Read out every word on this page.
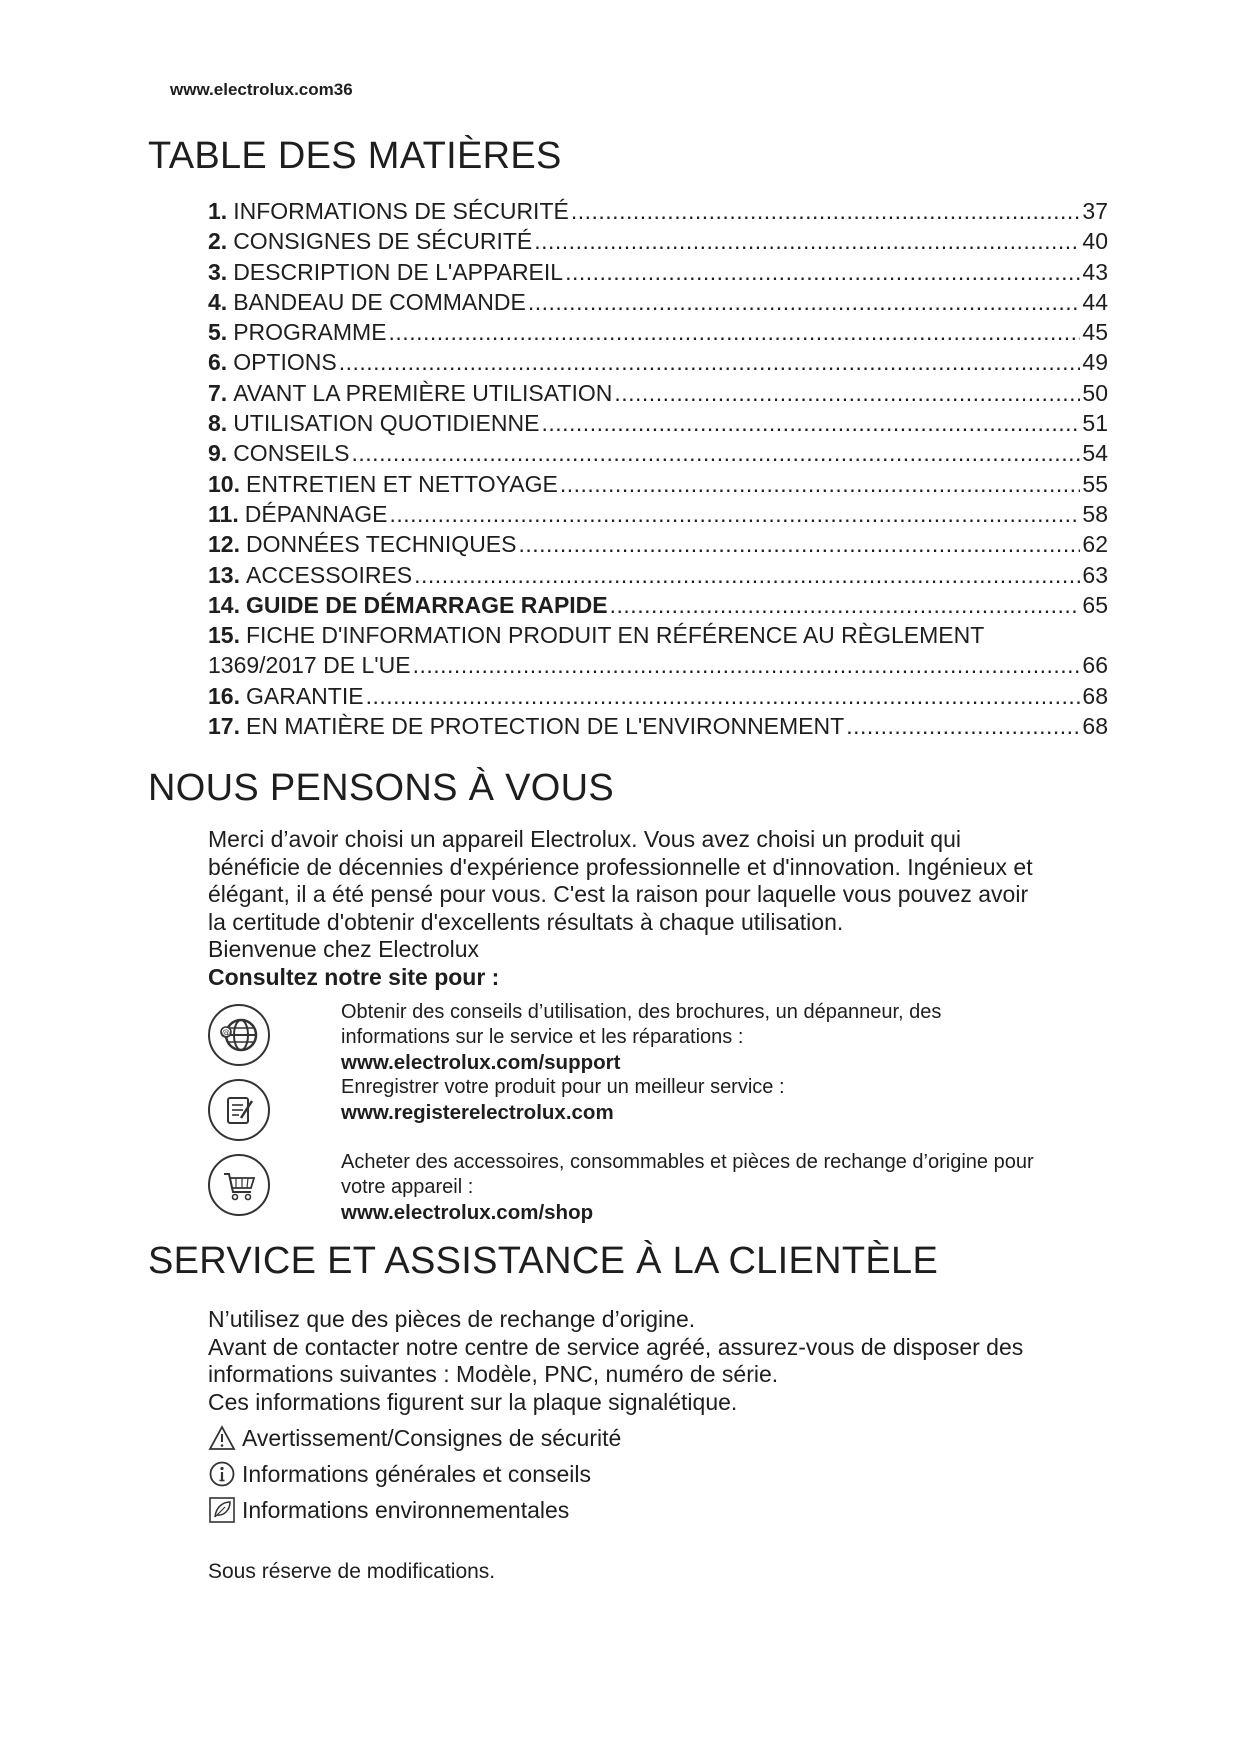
www.electrolux.com36
TABLE DES MATIÈRES
1. INFORMATIONS DE SÉCURITÉ .....	37
2. CONSIGNES DE SÉCURITÉ .....	40
3. DESCRIPTION DE L'APPAREIL .....	43
4. BANDEAU DE COMMANDE .....	44
5. PROGRAMME .....	45
6. OPTIONS .....	49
7. AVANT LA PREMIÈRE UTILISATION .....	50
8. UTILISATION QUOTIDIENNE .....	51
9. CONSEILS .....	54
10. ENTRETIEN ET NETTOYAGE .....	55
11. DÉPANNAGE .....	58
12. DONNÉES TECHNIQUES .....	62
13. ACCESSOIRES .....	63
14. GUIDE DE DÉMARRAGE RAPIDE .....	65
15. FICHE D'INFORMATION PRODUIT EN RÉFÉRENCE AU RÈGLEMENT
1369/2017 DE L'UE .....	66
16. GARANTIE .....	68
17. EN MATIÈRE DE PROTECTION DE L'ENVIRONNEMENT .....	68
NOUS PENSONS À VOUS

Merci d’avoir choisi un appareil Electrolux. Vous avez choisi un produit qui

bénéficie de décennies d'expérience professionnelle et d'innovation. Ingénieux et

élégant, il a été pensé pour vous. C'est la raison pour laquelle vous pouvez avoir

la certitude d'obtenir d'excellents résultats à chaque utilisation.

Bienvenue chez Electrolux

Consultez notre site pour :

@
Obtenir des conseils d’utilisation, des brochures, un dépanneur, des
informations sur le service et les réparations :
www.electrolux.com/support
Enregistrer votre produit pour un meilleur service :
www.registerelectrolux.com
Acheter des accessoires, consommables et pièces de rechange d’origine pour
votre appareil :
www.electrolux.com/shop
SERVICE ET ASSISTANCE À LA CLIENTÈLE

N’utilisez que des pièces de rechange d’origine.

Avant de contacter notre centre de service agréé, assurez-vous de disposer des

informations suivantes : Modèle, PNC, numéro de série.

Ces informations figurent sur la plaque signalétique.

Avertissement/Consignes de sécurité
Informations générales et conseils
Informations environnementales
Sous réserve de modifications.
